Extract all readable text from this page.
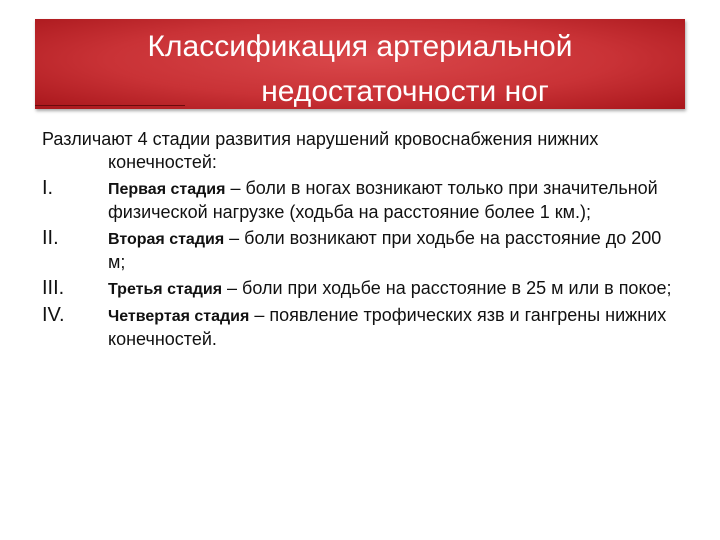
Классификация артериальной
недостаточности ног
Различают 4 стадии развития нарушений кровоснабжения нижних конечностей:
I.	Первая стадия – боли в ногах возникают только при значительной физической нагрузке (ходьба на расстояние более 1 км.);
II.	Вторая стадия – боли возникают при ходьбе на расстояние до 200 м;
III.	Третья стадия – боли при ходьбе на расстояние в 25 м или в покое;
IV.	Четвертая стадия – появление трофических язв и гангрены нижних конечностей.
